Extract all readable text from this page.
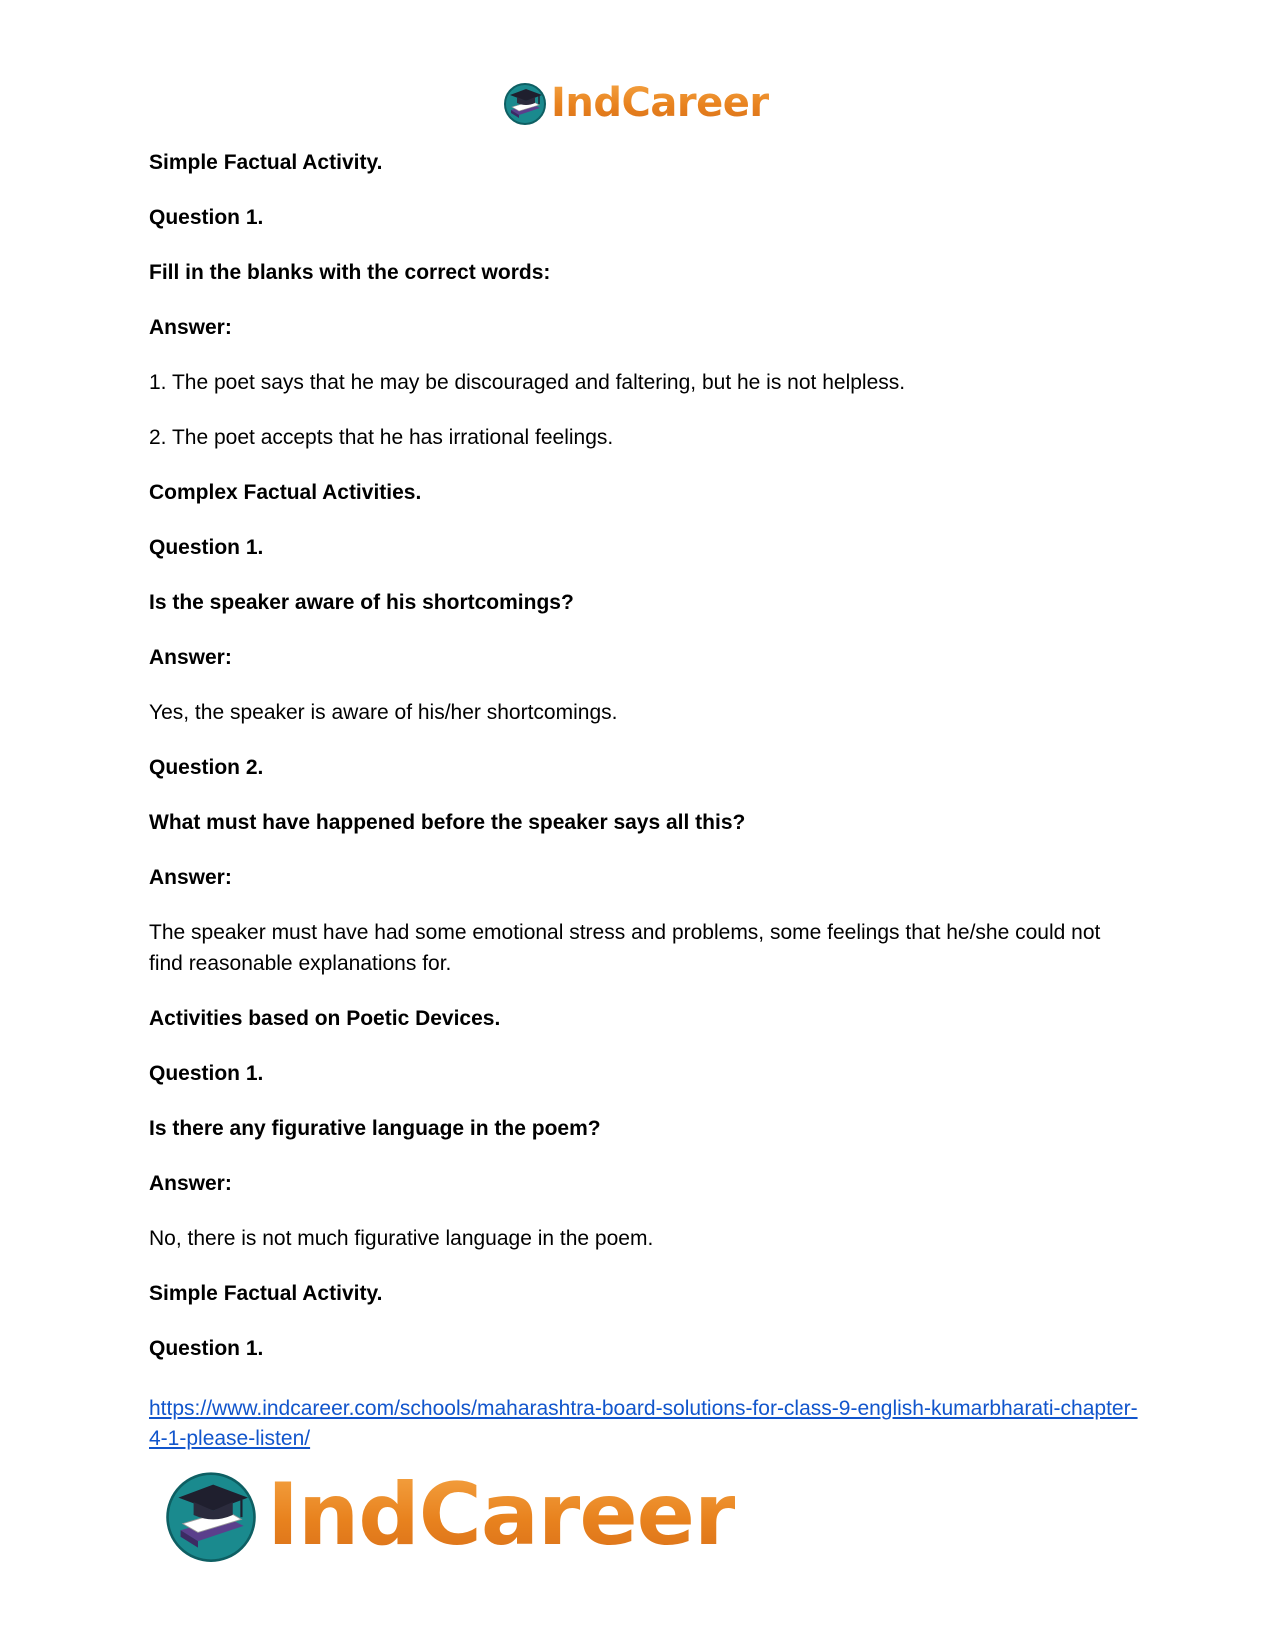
IndCareer

Simple Factual Activity.

Question 1.

Fill in the blanks with the correct words:

Answer:

1. The poet says that he may be discouraged and faltering, but he is not helpless.

2. The poet accepts that he has irrational feelings.

Complex Factual Activities.

Question 1.

Is the speaker aware of his shortcomings?

Answer:

Yes, the speaker is aware of his/her shortcomings.

Question 2.

What must have happened before the speaker says all this?

Answer:

The speaker must have had some emotional stress and problems, some feelings that he/she could not find reasonable explanations for.

Activities based on Poetic Devices.

Question 1.

Is there any figurative language in the poem?

Answer:

No, there is not much figurative language in the poem.

Simple Factual Activity.

Question 1.

https://www.indcareer.com/schools/maharashtra-board-solutions-for-class-9-english-kumarbharati-chapter-4-1-please-listen/
IndCareer
